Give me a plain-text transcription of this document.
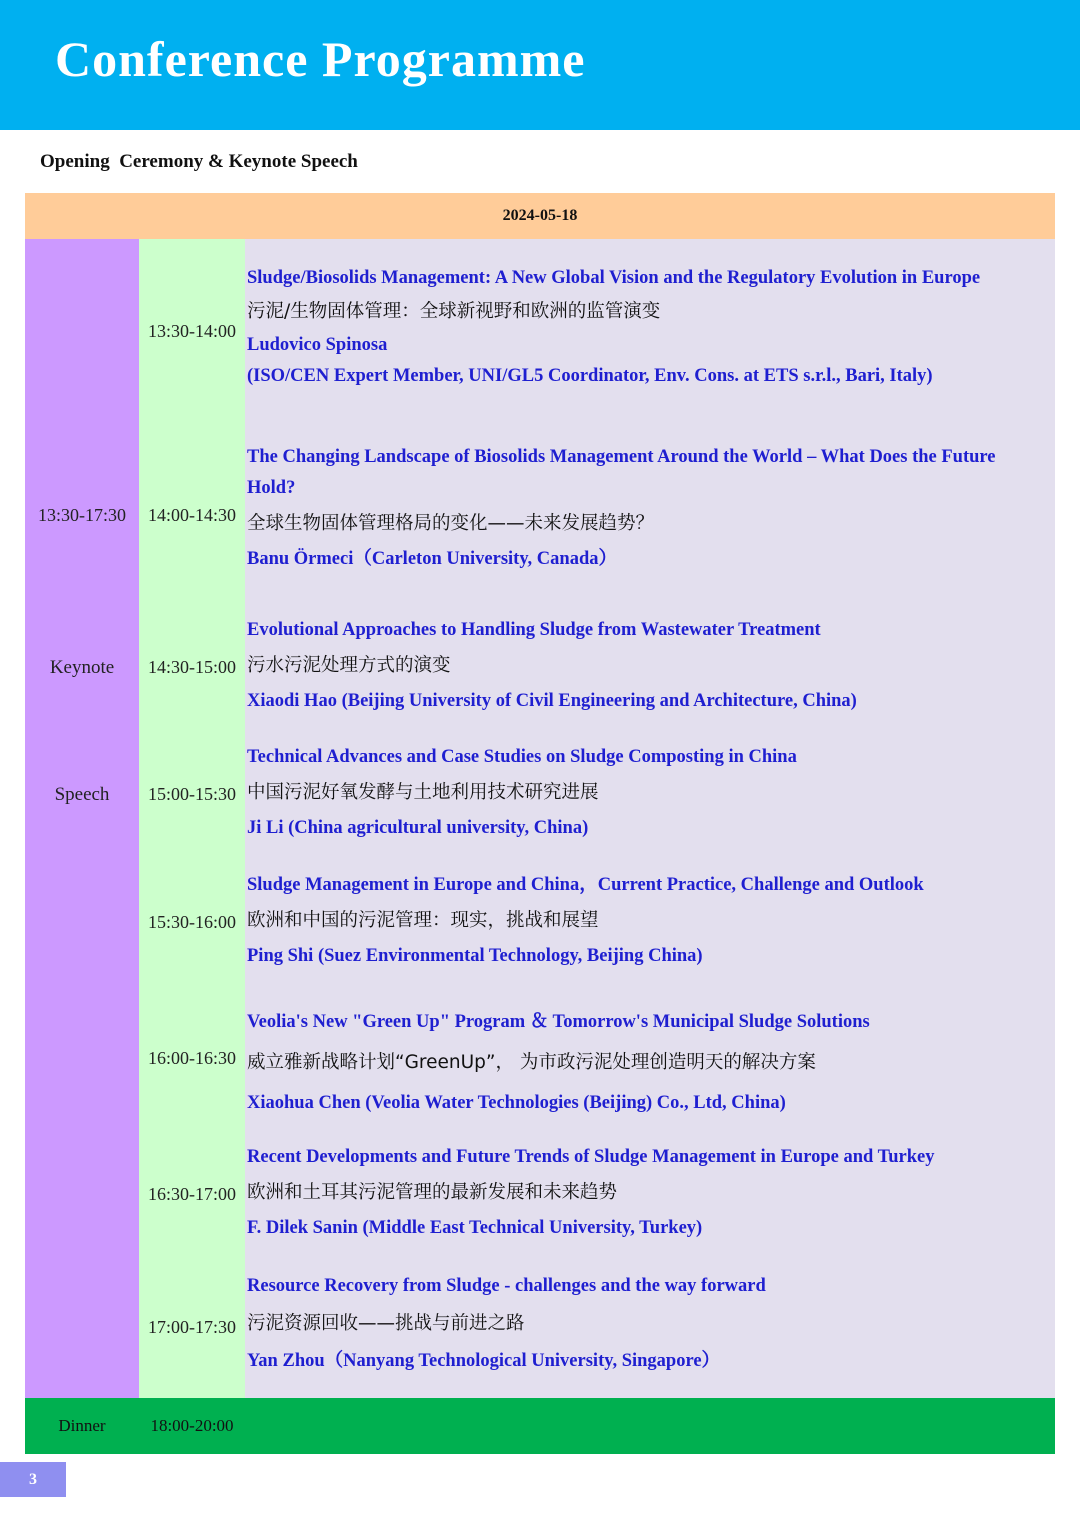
Conference Programme
Opening  Ceremony & Keynote Speech
2024-05-18
13:30-17:30
Keynote
Speech
13:30-14:00
Sludge/Biosolids Management: A New Global Vision and the Regulatory Evolution in Europe
污泥/生物固体管理：全球新视野和欧洲的监管演变
Ludovico Spinosa
(ISO/CEN Expert Member, UNI/GL5 Coordinator, Env. Cons. at ETS s.r.l., Bari, Italy)
14:00-14:30
The Changing Landscape of Biosolids Management Around the World – What Does the Future Hold?
全球生物固体管理格局的变化——未来发展趋势？
Banu Örmeci（Carleton University, Canada）
14:30-15:00
Evolutional Approaches to Handling Sludge from Wastewater Treatment
污水污泥处理方式的演变
Xiaodi Hao (Beijing University of Civil Engineering and Architecture, China)
15:00-15:30
Technical Advances and Case Studies on Sludge Composting in China
中国污泥好氧发酵与土地利用技术研究进展
Ji Li (China agricultural university, China)
15:30-16:00
Sludge Management in Europe and China，Current Practice, Challenge and Outlook
欧洲和中国的污泥管理：现实，挑战和展望
Ping Shi (Suez Environmental Technology, Beijing China)
16:00-16:30
Veolia's New "Green Up" Program ＆ Tomorrow's Municipal Sludge Solutions
威立雅新战略计划“GreenUp”， 为市政污泥处理创造明天的解决方案
Xiaohua Chen (Veolia Water Technologies (Beijing) Co., Ltd, China)
16:30-17:00
Recent Developments and Future Trends of Sludge Management in Europe and Turkey
欧洲和土耳其污泥管理的最新发展和未来趋势
F. Dilek Sanin (Middle East Technical University, Turkey)
17:00-17:30
Resource Recovery from Sludge - challenges and the way forward
污泥资源回收——挑战与前进之路
Yan Zhou（Nanyang Technological University, Singapore）
Dinner	18:00-20:00
3
